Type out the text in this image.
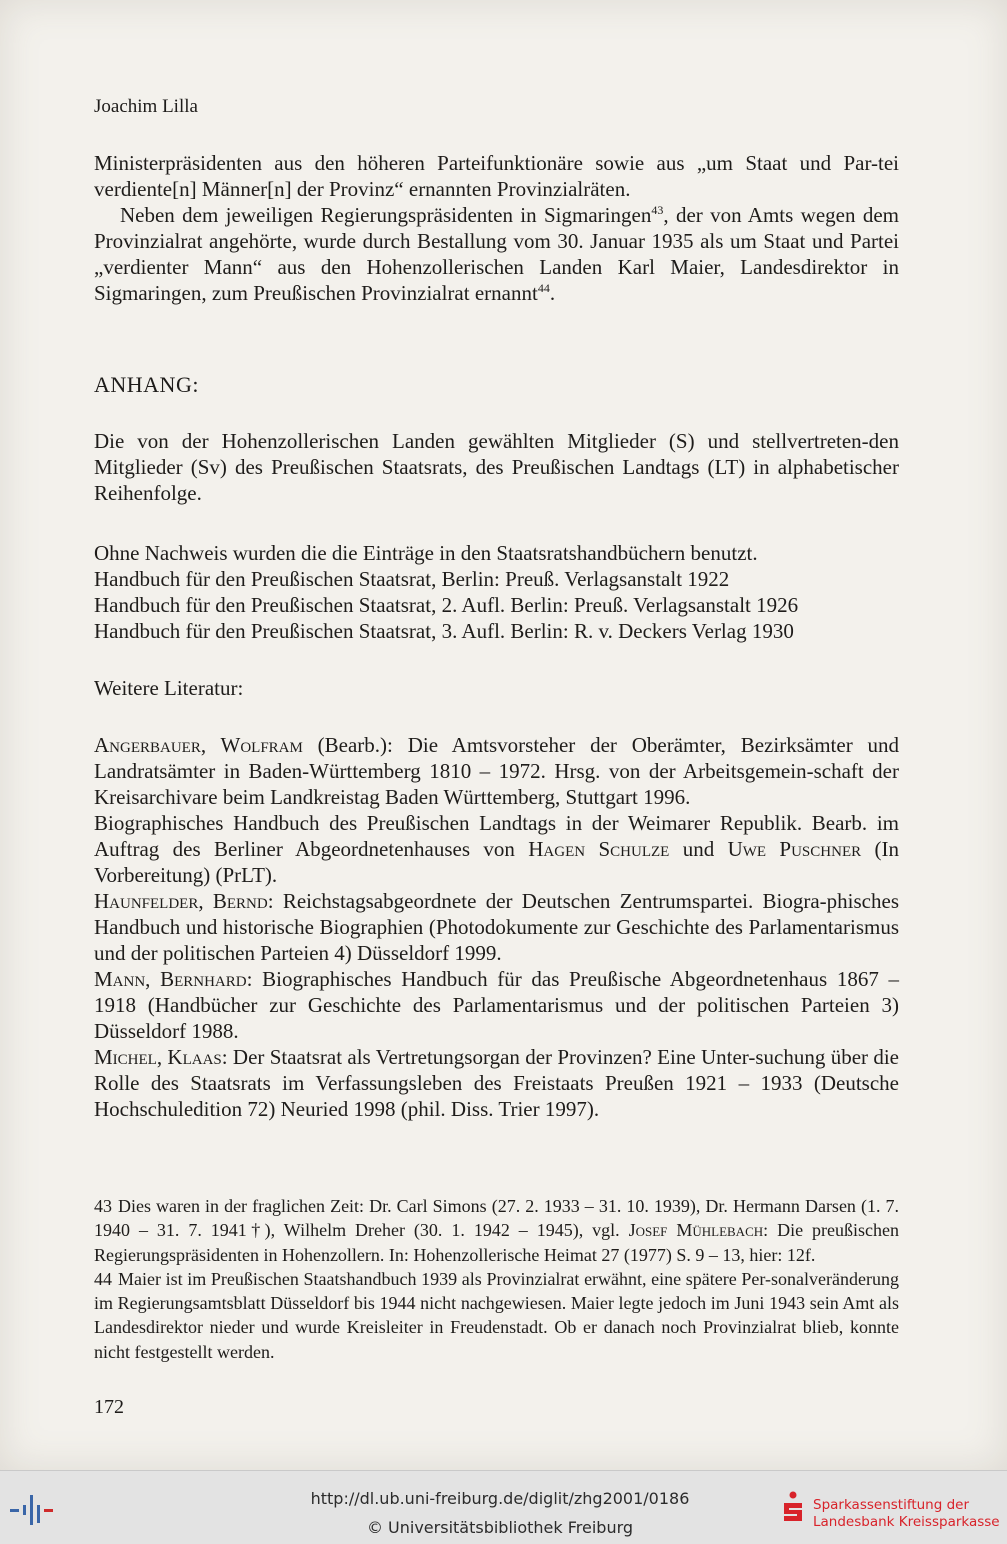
Joachim Lilla

Ministerpräsidenten aus den höheren Parteifunktionäre sowie aus „um Staat und Par-tei verdiente[n] Männer[n] der Provinz“ ernannten Provinzialräten.

Neben dem jeweiligen Regierungspräsidenten in Sigmaringen$^{43}$, der von Amts wegen dem Provinzialrat angehörte, wurde durch Bestallung vom 30. Januar 1935 als um Staat und Partei „verdienter Mann“ aus den Hohenzollerischen Landen Karl Maier, Landesdirektor in Sigmaringen, zum Preußischen Provinzialrat ernannt$^{44}$.

ANHANG:

Die von der Hohenzollerischen Landen gewählten Mitglieder (S) und stellvertreten-den Mitglieder (Sv) des Preußischen Staatsrats, des Preußischen Landtags (LT) in alphabetischer Reihenfolge.

Ohne Nachweis wurden die die Einträge in den Staatsratshandbüchern benutzt.

Handbuch für den Preußischen Staatsrat, Berlin: Preuß. Verlagsanstalt 1922

Handbuch für den Preußischen Staatsrat, 2. Aufl. Berlin: Preuß. Verlagsanstalt 1926

Handbuch für den Preußischen Staatsrat, 3. Aufl. Berlin: R. v. Deckers Verlag 1930

Weitere Literatur:

Angerbauer, Wolfram (Bearb.): Die Amtsvorsteher der Oberämter, Bezirksämter und Landratsämter in Baden-Württemberg 1810 – 1972. Hrsg. von der Arbeitsgemein-schaft der Kreisarchivare beim Landkreistag Baden Württemberg, Stuttgart 1996.

Biographisches Handbuch des Preußischen Landtags in der Weimarer Republik. Bearb. im Auftrag des Berliner Abgeordnetenhauses von Hagen Schulze und Uwe Puschner (In Vorbereitung) (PrLT).

Haunfelder, Bernd: Reichstagsabgeordnete der Deutschen Zentrumspartei. Biogra-phisches Handbuch und historische Biographien (Photodokumente zur Geschichte des Parlamentarismus und der politischen Parteien 4) Düsseldorf 1999.

Mann, Bernhard: Biographisches Handbuch für das Preußische Abgeordnetenhaus 1867 – 1918 (Handbücher zur Geschichte des Parlamentarismus und der politischen Parteien 3) Düsseldorf 1988.

Michel, Klaas: Der Staatsrat als Vertretungsorgan der Provinzen? Eine Unter-suchung über die Rolle des Staatsrats im Verfassungsleben des Freistaats Preußen 1921 – 1933 (Deutsche Hochschuledition 72) Neuried 1998 (phil. Diss. Trier 1997).

43 Dies waren in der fraglichen Zeit: Dr. Carl Simons (27. 2. 1933 – 31. 10. 1939), Dr. Hermann Darsen (1. 7. 1940 – 31. 7. 1941†), Wilhelm Dreher (30. 1. 1942 – 1945), vgl. Josef Mühlebach: Die preußischen Regierungspräsidenten in Hohenzollern. In: Hohenzollerische Heimat 27 (1977) S. 9 – 13, hier: 12f.

44 Maier ist im Preußischen Staatshandbuch 1939 als Provinzialrat erwähnt, eine spätere Per-sonalveränderung im Regierungsamtsblatt Düsseldorf bis 1944 nicht nachgewiesen. Maier legte jedoch im Juni 1943 sein Amt als Landesdirektor nieder und wurde Kreisleiter in Freudenstadt. Ob er danach noch Provinzialrat blieb, konnte nicht festgestellt werden.

172
http://dl.ub.uni-freiburg.de/diglit/zhg2001/0186
© Universitätsbibliothek Freiburg
Sparkassenstiftung der
Landesbank Kreissparkasse
